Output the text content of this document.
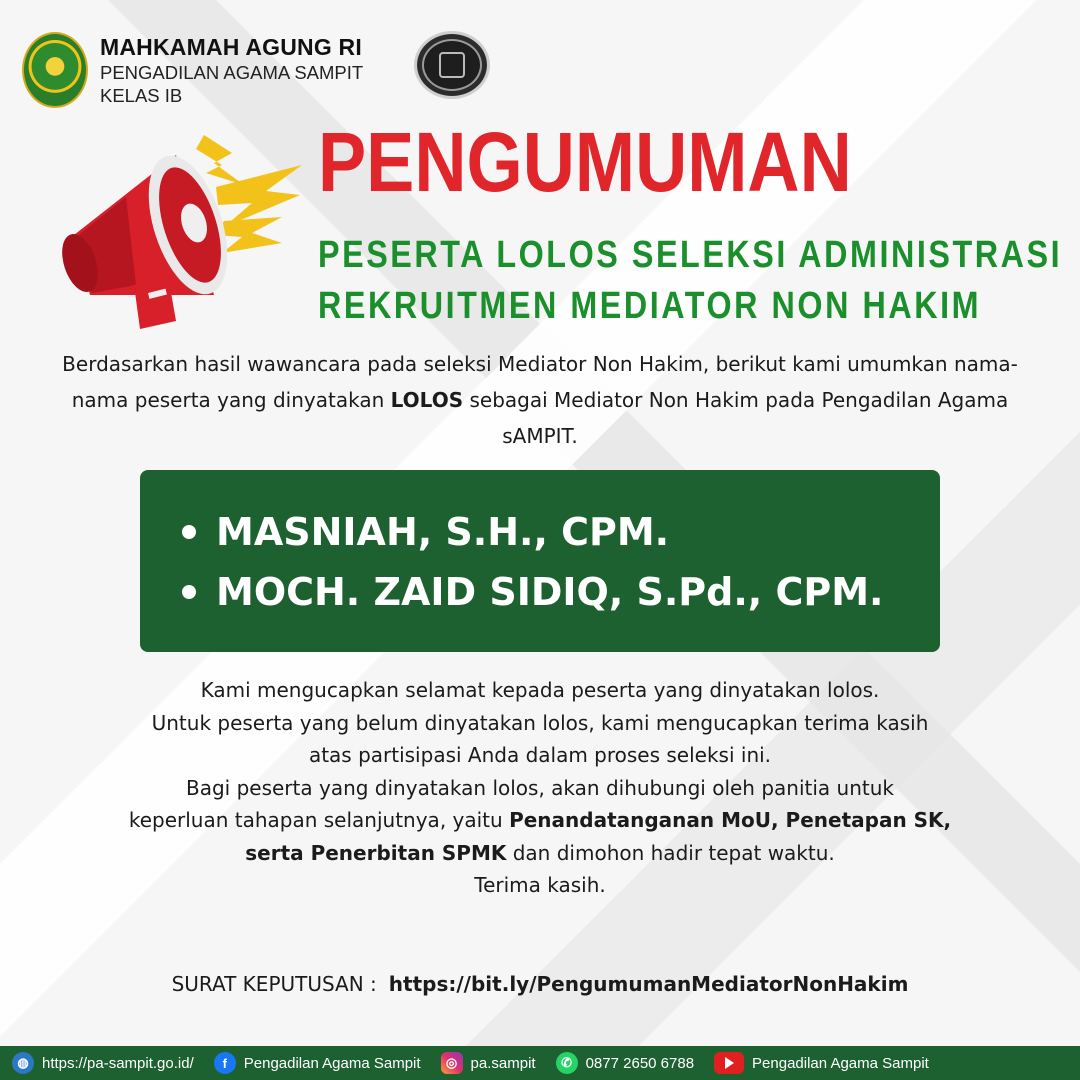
MAHKAMAH AGUNG RI
PENGADILAN AGAMA SAMPIT
KELAS IB
PENGUMUMAN
PESERTA LOLOS SELEKSI ADMINISTRASI
REKRUITMEN MEDIATOR NON HAKIM
Berdasarkan hasil wawancara pada seleksi Mediator Non Hakim, berikut kami umumkan nama-nama peserta yang dinyatakan LOLOS sebagai Mediator Non Hakim pada Pengadilan Agama sAMPIT.
MASNIAH, S.H., CPM.
MOCH. ZAID SIDIQ, S.Pd., CPM.
Kami mengucapkan selamat kepada peserta yang dinyatakan lolos.
Untuk peserta yang belum dinyatakan lolos, kami mengucapkan terima kasih
atas partisipasi Anda dalam proses seleksi ini.
Bagi peserta yang dinyatakan lolos, akan dihubungi oleh panitia untuk
keperluan tahapan selanjutnya, yaitu Penandatanganan MoU, Penetapan SK,
serta Penerbitan SPMK dan dimohon hadir tepat waktu.
Terima kasih.
SURAT KEPUTUSAN : https://bit.ly/PengumumanMediatorNonHakim
◍ https://pa-sampit.go.id/	f	Pengadilan Agama Sampit	◎ pa.sampit	✆ 0877 2650 6788	Pengadilan Agama Sampit
